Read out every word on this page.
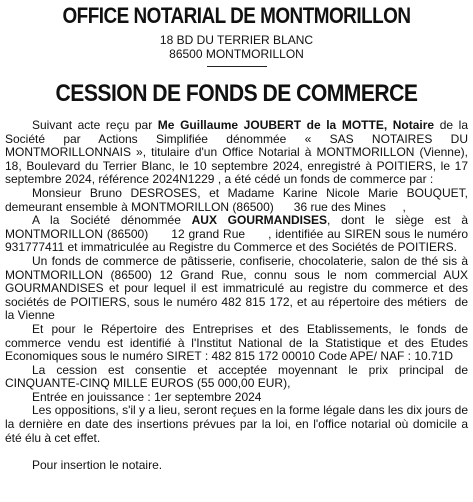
OFFICE NOTARIAL DE MONTMORILLON
18 BD DU TERRIER BLANC
86500 MONTMORILLON
CESSION DE FONDS DE COMMERCE

Suivant acte reçu par Me Guillaume JOUBERT de la MOTTE, Notaire de la Société par Actions Simplifiée dénommée « SAS NOTAIRES DU MONTMORILLONNAIS », titulaire d'un Office Notarial à MONTMORILLON (Vienne), 18, Boulevard du Terrier Blanc, le 10 septembre 2024, enregistré à POITIERS, le 17 septembre 2024, référence 2024N1229 , a été cédé un fonds de commerce par :

Monsieur Bruno DESROSES, et Madame Karine Nicole Marie BOUQUET, demeurant ensemble à MONTMORILLON (86500)      36 rue des Mines     ,

A la Société dénommée AUX GOURMANDISES, dont le siège est à MONTMORILLON (86500)      12 grand Rue      , identifiée au SIREN sous le numéro 931777411 et immatriculée au Registre du Commerce et des Sociétés de POITIERS.

Un fonds de commerce de pâtisserie, confiserie, chocolaterie, salon de thé sis à MONTMORILLON (86500) 12 Grand Rue, connu sous le nom commercial AUX GOURMANDISES et pour lequel il est immatriculé au registre du commerce et des sociétés de POITIERS, sous le numéro 482 815 172, et au répertoire des métiers  de la Vienne

Et pour le Répertoire des Entreprises et des Etablissements, le fonds de commerce vendu est identifié à l'Institut National de la Statistique et des Etudes Economiques sous le numéro SIRET : 482 815 172 00010 Code APE/ NAF : 10.71D

La cession est consentie et acceptée moyennant le prix principal de CINQUANTE-CINQ MILLE EUROS (55 000,00 EUR),

Entrée en jouissance : 1er septembre 2024

Les oppositions, s'il y a lieu, seront reçues en la forme légale dans les dix jours de la dernière en date des insertions prévues par la loi, en l'office notarial où domicile a été élu à cet effet.

Pour insertion le notaire.
